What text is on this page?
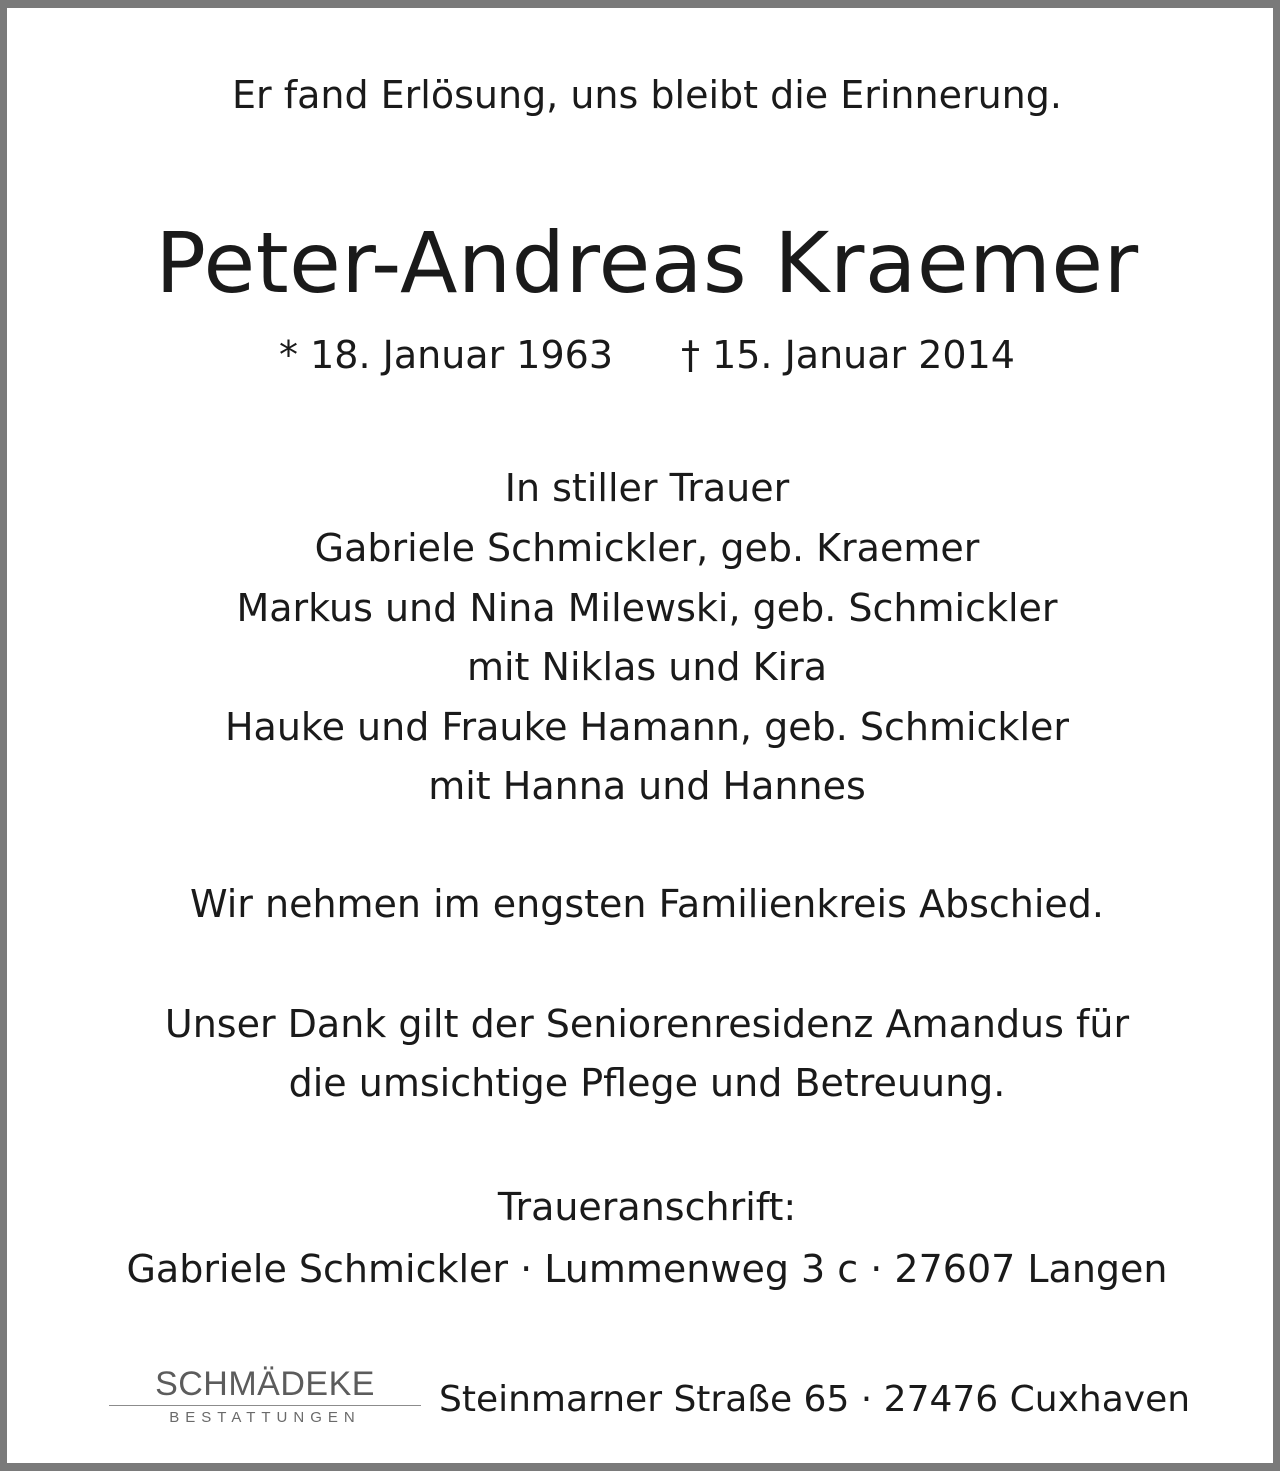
Er fand Erlösung, uns bleibt die Erinnerung.
Peter-Andreas Kraemer
* 18. Januar 1963 † 15. Januar 2014
In stiller Trauer
Gabriele Schmickler, geb. Kraemer
Markus und Nina Milewski, geb. Schmickler
mit Niklas und Kira
Hauke und Frauke Hamann, geb. Schmickler
mit Hanna und Hannes
Wir nehmen im engsten Familienkreis Abschied.
Unser Dank gilt der Seniorenresidenz Amandus für
die umsichtige Pflege und Betreuung.
Traueranschrift:
Gabriele Schmickler · Lummenweg 3 c · 27607 Langen
SCHMÄDEKE
BESTATTUNGEN	Steinmarner Straße 65 · 27476 Cuxhaven
